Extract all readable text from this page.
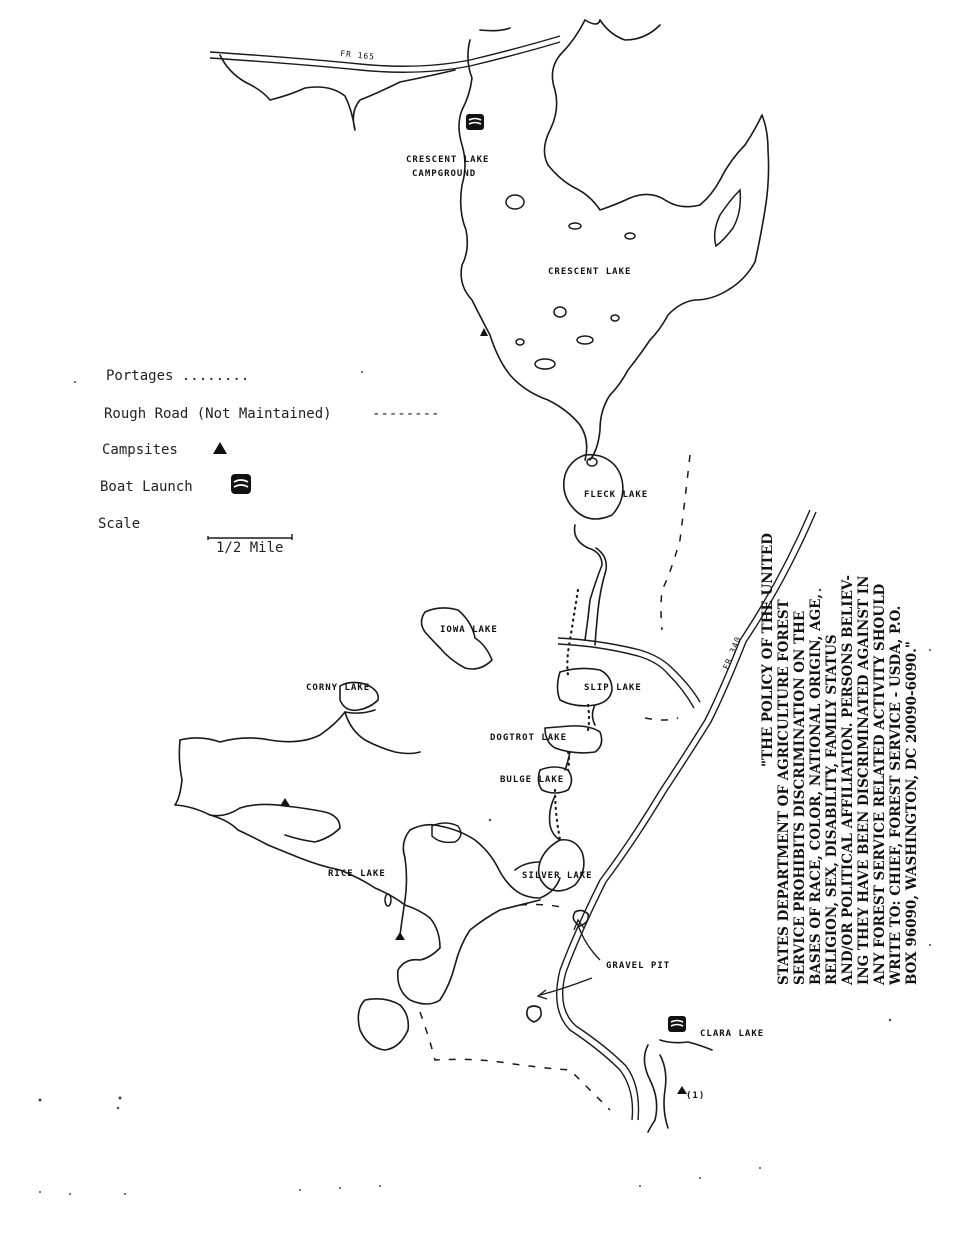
FR 165
FR 340
CRESCENT LAKE
CAMPGROUND
CRESCENT LAKE
FLECK LAKE
IOWA LAKE
CORNY LAKE	SLIP LAKE
DOGTROT LAKE
BULGE LAKE
SILVER LAKE
RICE LAKE
GRAVEL PIT
CLARA LAKE
(1)
Portages ........
Rough Road (Not Maintained)	--------
Campsites
Boat Launch
Scale
1/2 Mile	"THE POLICY OF THE UNITED STATES DEPARTMENT OF AGRICULTURE FOREST SERVICE PROHIBITS DISCRIMINATION ON THE BASES OF RACE, COLOR, NATIONAL ORIGIN, AGE, RELIGION, SEX, DISABILITY, FAMILY STATUS AND/OR POLITICAL AFFILIATION. PERSONS BELIEV- ING THEY HAVE BEEN DISCRIMINATED AGAINST IN ANY FOREST SERVICE RELATED ACTIVITY SHOULD WRITE TO: CHIEF, FOREST SERVICE - USDA, P.O. BOX 96090, WASHINGTON, DC 20090-6090."
